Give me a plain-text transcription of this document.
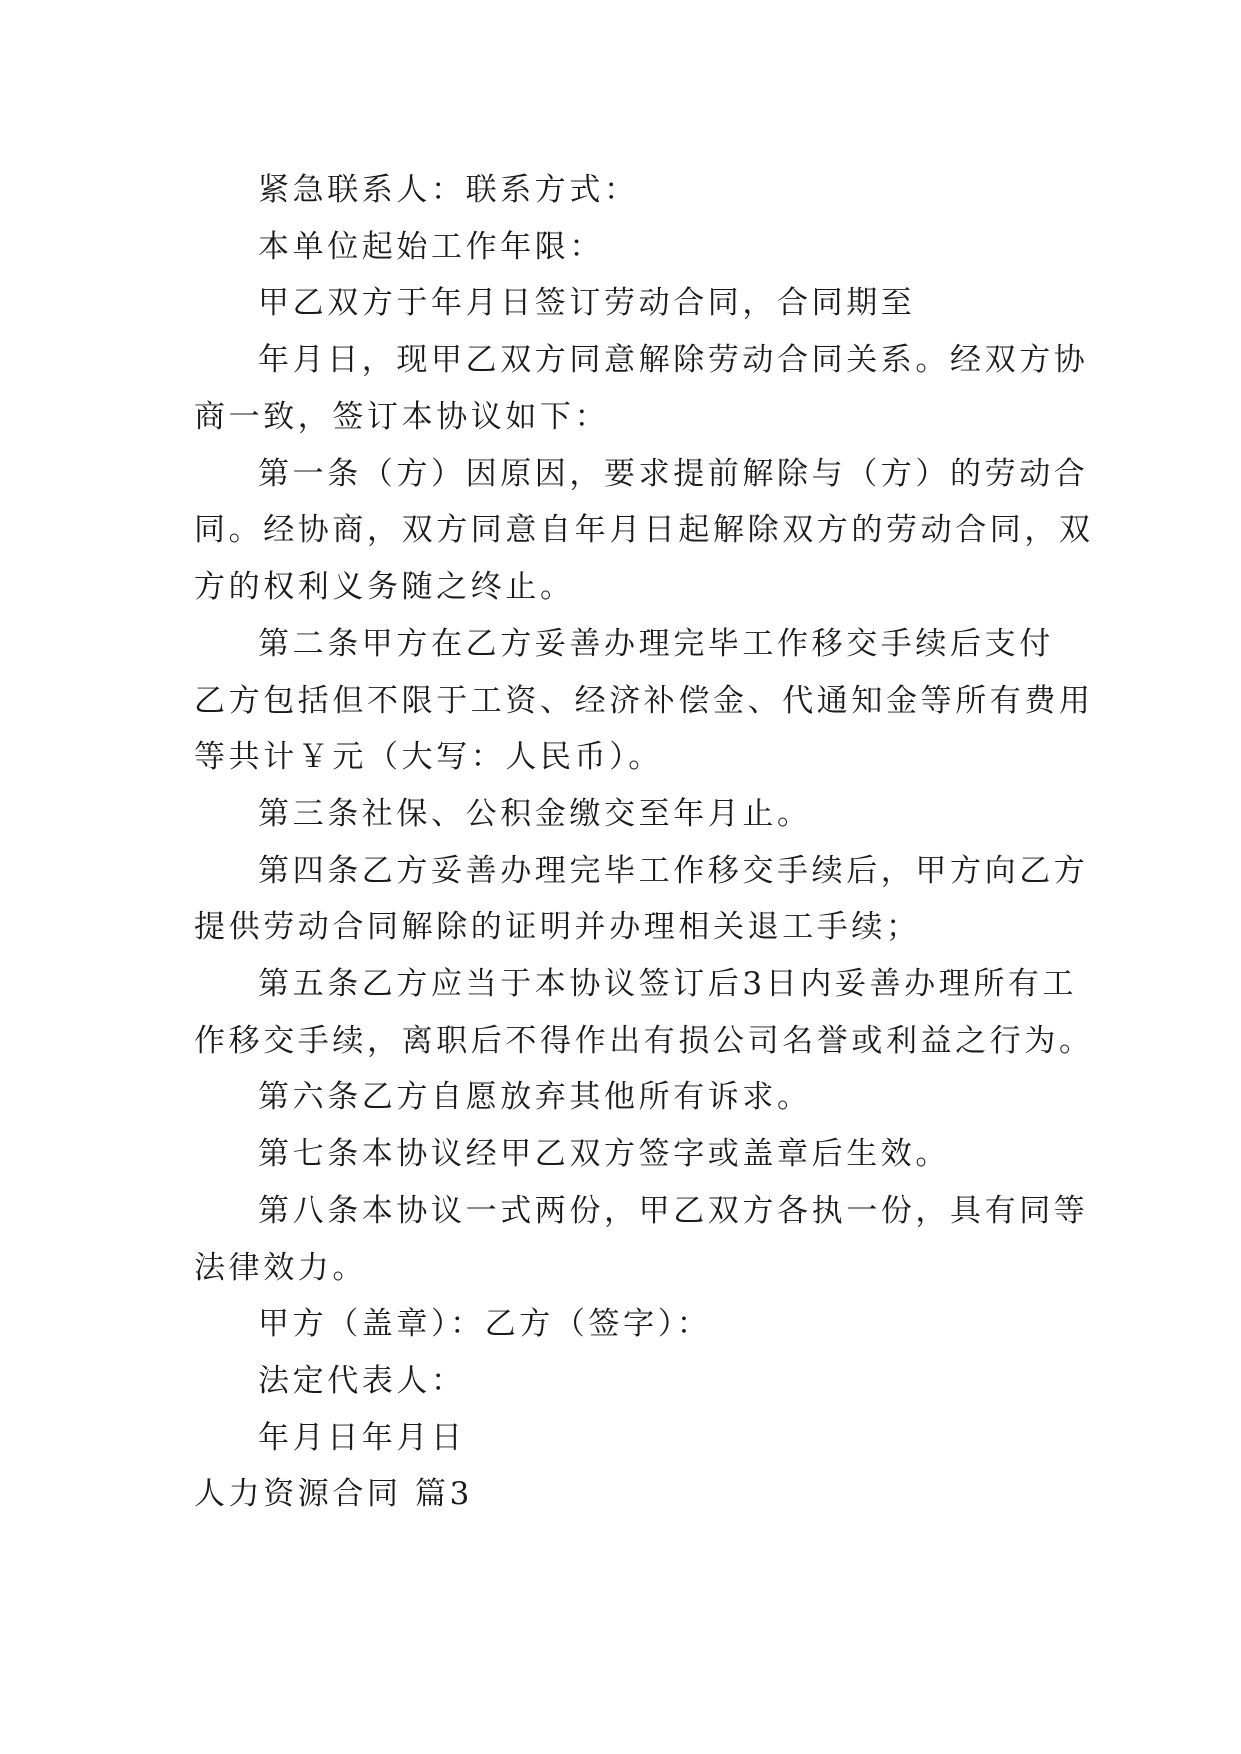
紧急联系人：联系方式：

本单位起始工作年限：

甲乙双方于年月日签订劳动合同，合同期至

年月日，现甲乙双方同意解除劳动合同关系。经双方协

商一致，签订本协议如下：

第一条（方）因原因，要求提前解除与（方）的劳动合

同。经协商，双方同意自年月日起解除双方的劳动合同，双

方的权利义务随之终止。

第二条甲方在乙方妥善办理完毕工作移交手续后支付

乙方包括但不限于工资、经济补偿金、代通知金等所有费用

等共计￥元（大写：人民币）。

第三条社保、公积金缴交至年月止。

第四条乙方妥善办理完毕工作移交手续后，甲方向乙方

提供劳动合同解除的证明并办理相关退工手续；

第五条乙方应当于本协议签订后3日内妥善办理所有工

作移交手续，离职后不得作出有损公司名誉或利益之行为。

第六条乙方自愿放弃其他所有诉求。

第七条本协议经甲乙双方签字或盖章后生效。

第八条本协议一式两份，甲乙双方各执一份，具有同等

法律效力。

甲方（盖章）：乙方（签字）：

法定代表人：

年月日年月日

人力资源合同 篇3
